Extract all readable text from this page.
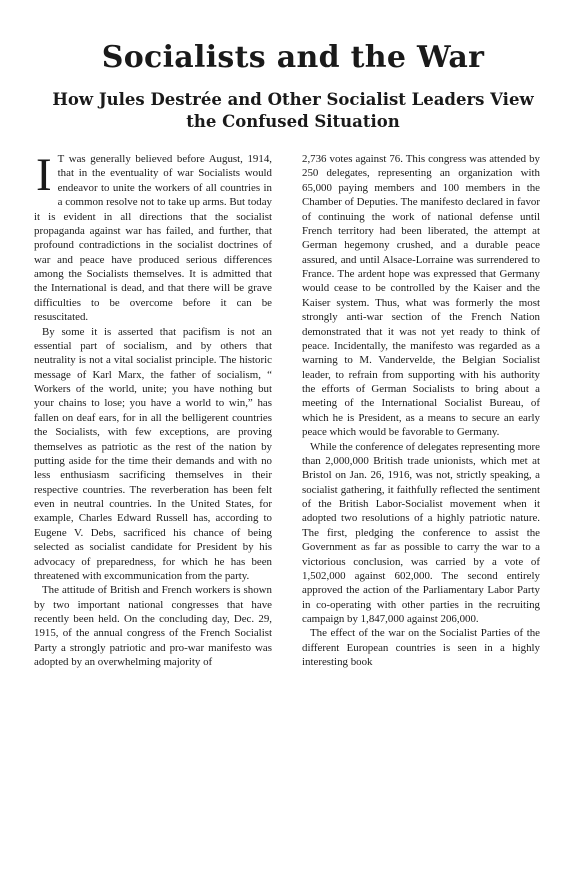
Socialists and the War
How Jules Destrée and Other Socialist Leaders View the Confused Situation

I T was generally believed before August, 1914, that in the eventuality of war Socialists would endeavor to unite the workers of all countries in a common resolve not to take up arms. But today it is evident in all directions that the socialist propaganda against war has failed, and further, that profound contradictions in the socialist doctrines of war and peace have produced serious differences among the Socialists themselves. It is admitted that the International is dead, and that there will be grave difficulties to be overcome before it can be resuscitated.

By some it is asserted that pacifism is not an essential part of socialism, and by others that neutrality is not a vital socialist principle. The historic message of Karl Marx, the father of socialism, “ Workers of the world, unite; you have nothing but your chains to lose; you have a world to win,” has fallen on deaf ears, for in all the belligerent countries the Socialists, with few exceptions, are proving themselves as patriotic as the rest of the nation by putting aside for the time their demands and with no less enthusiasm sacrificing themselves in their respective countries. The reverberation has been felt even in neutral countries. In the United States, for example, Charles Edward Russell has, according to Eugene V. Debs, sacrificed his chance of being selected as socialist candidate for President by his advocacy of preparedness, for which he has been threatened with excommunication from the party.

The attitude of British and French workers is shown by two important national congresses that have recently been held. On the concluding day, Dec. 29, 1915, of the annual congress of the French Socialist Party a strongly patriotic and pro-war manifesto was adopted by an overwhelming majority of

2,736 votes against 76. This congress was attended by 250 delegates, representing an organization with 65,000 paying members and 100 members in the Chamber of Deputies. The manifesto declared in favor of continuing the work of national defense until French territory had been liberated, the attempt at German hegemony crushed, and a durable peace assured, and until Alsace-Lorraine was surrendered to France. The ardent hope was expressed that Germany would cease to be controlled by the Kaiser and the Kaiser system. Thus, what was formerly the most strongly anti-war section of the French Nation demonstrated that it was not yet ready to think of peace. Incidentally, the manifesto was regarded as a warning to M. Vandervelde, the Belgian Socialist leader, to refrain from supporting with his authority the efforts of German Socialists to bring about a meeting of the International Socialist Bureau, of which he is President, as a means to secure an early peace which would be favorable to Germany.

While the conference of delegates representing more than 2,000,000 British trade unionists, which met at Bristol on Jan. 26, 1916, was not, strictly speaking, a socialist gathering, it faithfully reflected the sentiment of the British Labor-Socialist movement when it adopted two resolutions of a highly patriotic nature. The first, pledging the conference to assist the Government as far as possible to carry the war to a victorious conclusion, was carried by a vote of 1,502,000 against 602,000. The second entirely approved the action of the Parliamentary Labor Party in co-operating with other parties in the recruiting campaign by 1,847,000 against 206,000.

The effect of the war on the Socialist Parties of the different European countries is seen in a highly interesting book
